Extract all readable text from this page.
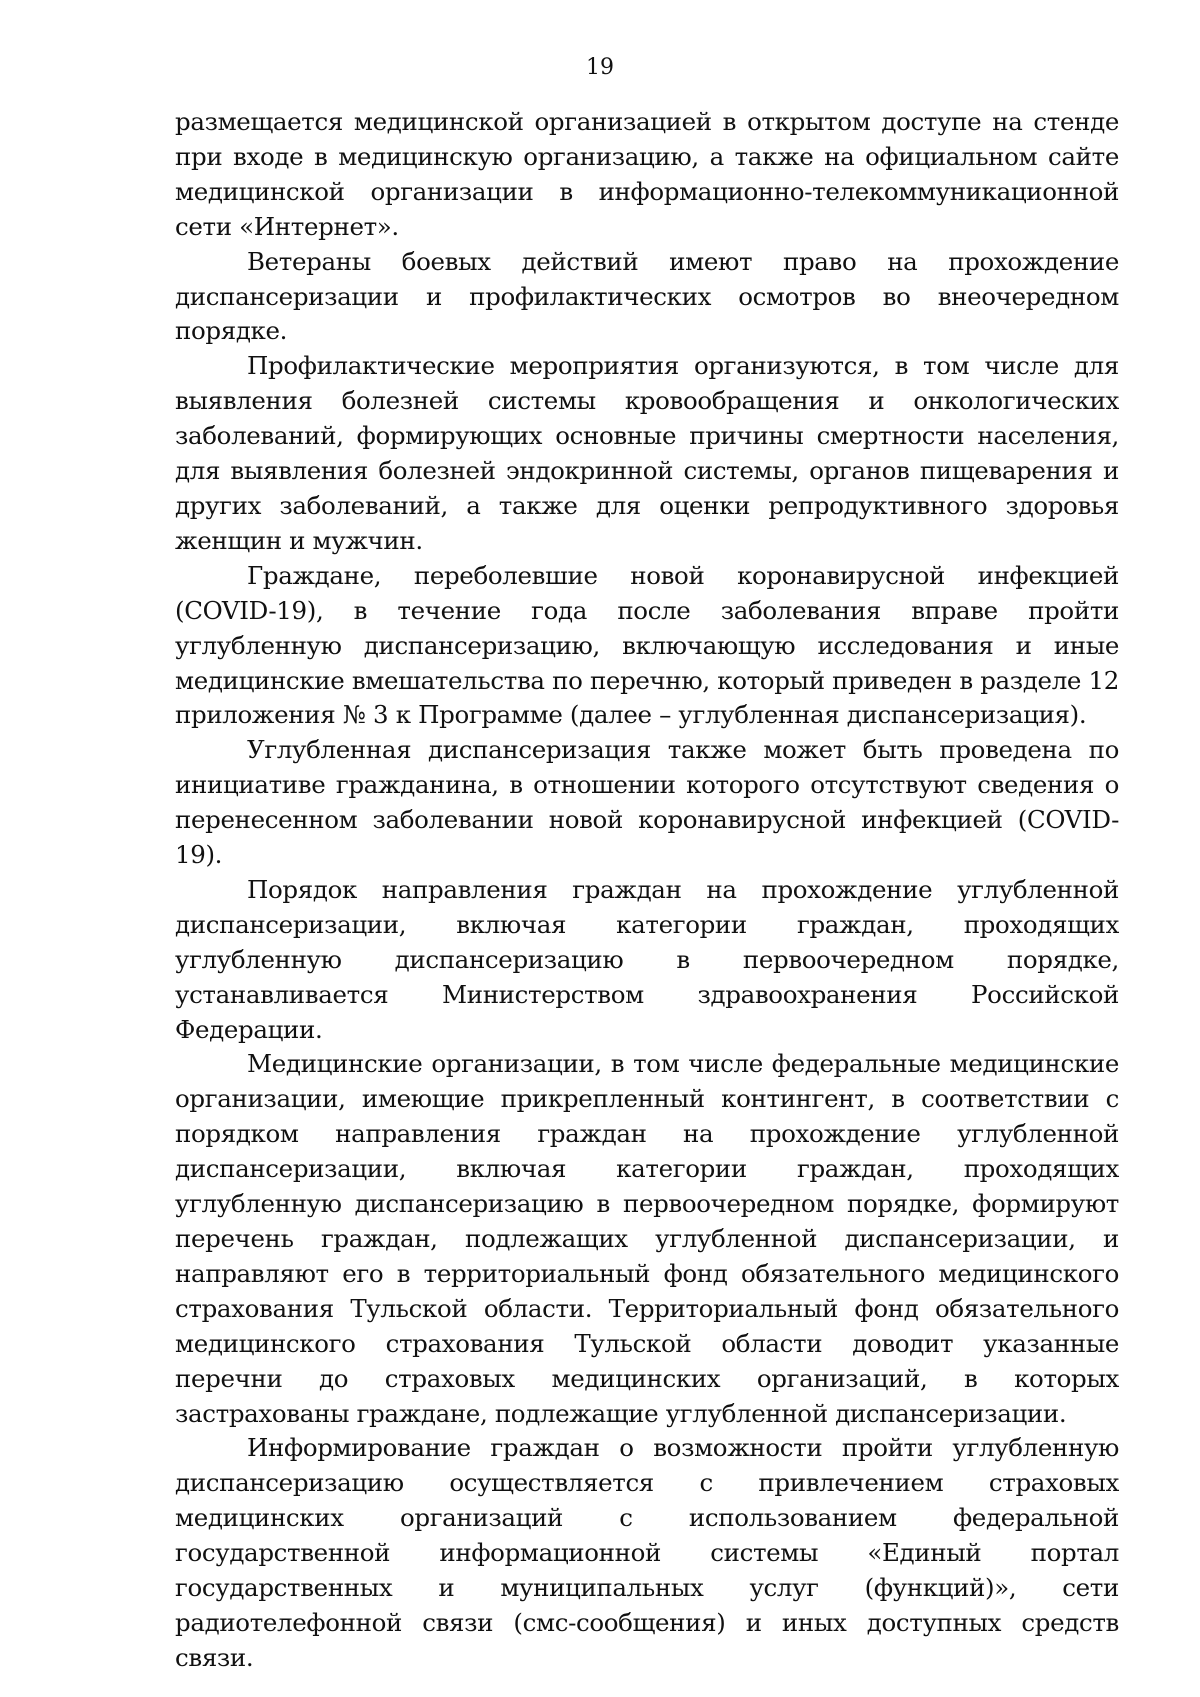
19

размещается медицинской организацией в открытом доступе на стенде при входе в медицинскую организацию, а также на официальном сайте медицинской организации в информационно-телекоммуникационной сети «Интернет».

Ветераны боевых действий имеют право на прохождение диспансеризации и профилактических осмотров во внеочередном порядке.

Профилактические мероприятия организуются, в том числе для выявления болезней системы кровообращения и онкологических заболеваний, формирующих основные причины смертности населения, для выявления болезней эндокринной системы, органов пищеварения и других заболеваний, а также для оценки репродуктивного здоровья женщин и мужчин.

Граждане, переболевшие новой коронавирусной инфекцией (COVID-19), в течение года после заболевания вправе пройти углубленную диспансеризацию, включающую исследования и иные медицинские вмешательства по перечню, который приведен в разделе 12 приложения № 3 к Программе (далее – углубленная диспансеризация).

Углубленная диспансеризация также может быть проведена по инициативе гражданина, в отношении которого отсутствуют сведения о перенесенном заболевании новой коронавирусной инфекцией (COVID-19).

Порядок направления граждан на прохождение углубленной диспансеризации, включая категории граждан, проходящих углубленную диспансеризацию в первоочередном порядке, устанавливается Министерством здравоохранения Российской Федерации.

Медицинские организации, в том числе федеральные медицинские организации, имеющие прикрепленный контингент, в соответствии с порядком направления граждан на прохождение углубленной диспансеризации, включая категории граждан, проходящих углубленную диспансеризацию в первоочередном порядке, формируют перечень граждан, подлежащих углубленной диспансеризации, и направляют его в территориальный фонд обязательного медицинского страхования Тульской области. Территориальный фонд обязательного медицинского страхования Тульской области доводит указанные перечни до страховых медицинских организаций, в которых застрахованы граждане, подлежащие углубленной диспансеризации.

Информирование граждан о возможности пройти углубленную диспансеризацию осуществляется с привлечением страховых медицинских организаций с использованием федеральной государственной информационной системы «Единый портал государственных и муниципальных услуг (функций)», сети радиотелефонной связи (смс-сообщения) и иных доступных средств связи.
